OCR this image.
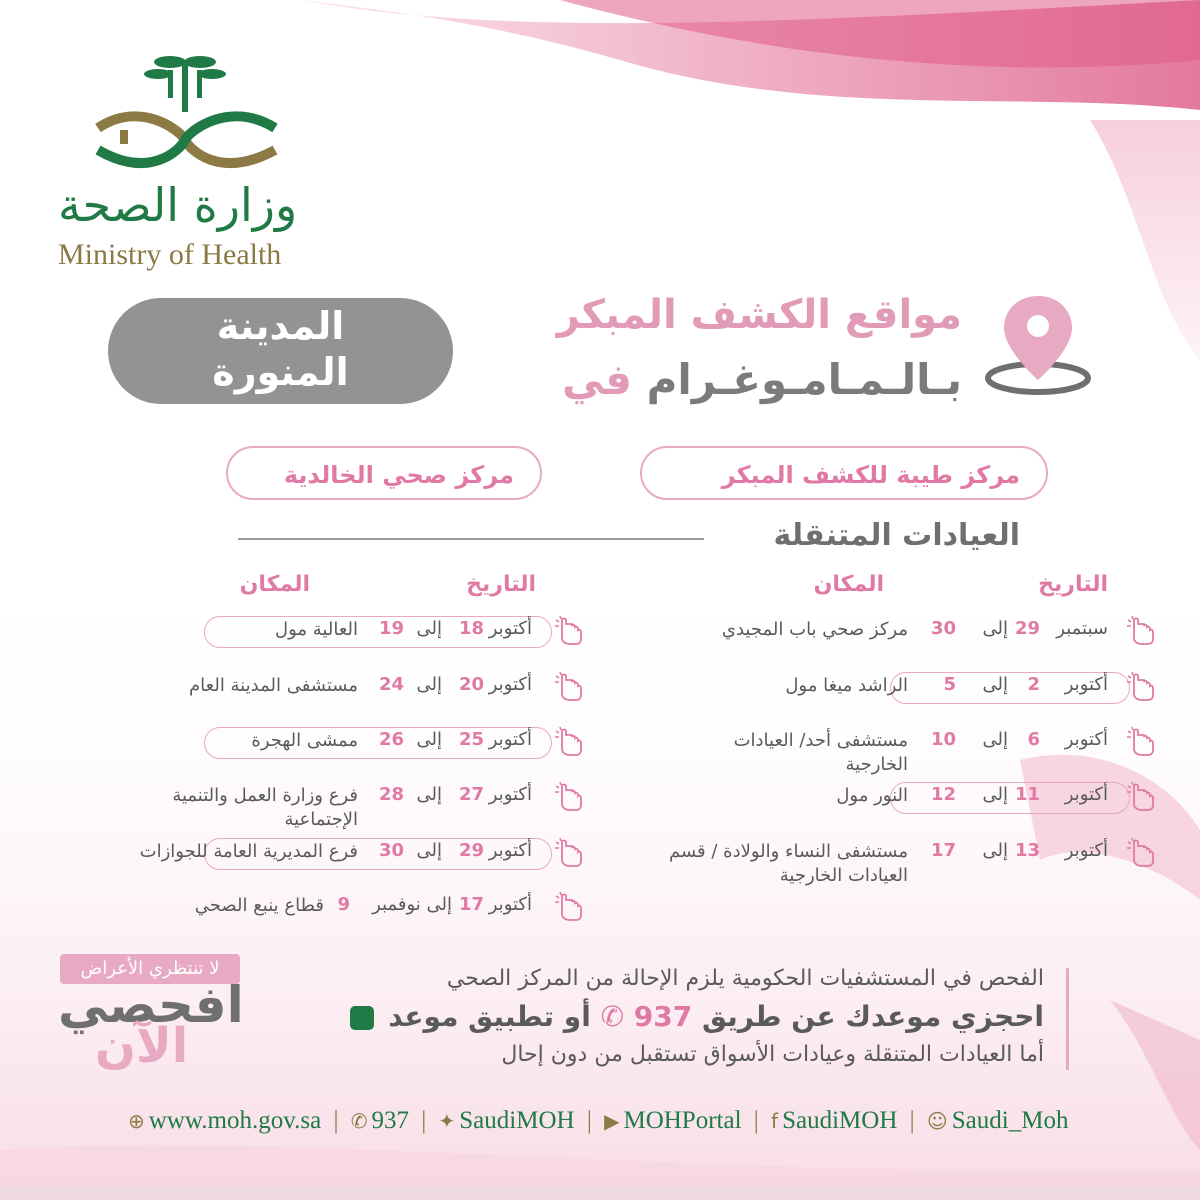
وزارة الصحة
Ministry of Health
المدينة
المنورة
مواقع الكشف المبكر
بـالـمـامـوغـرام في
مركز طيبة للكشف المبكر
مركز صحي الخالدية
العيادات المتنقلة
التاريخ
المكان
التاريخ
المكان
سبتمبر
29
إلى
30
مركز صحي باب المجيدي
أكتوبر
2
إلى
5
الراشد ميغا مول
أكتوبر
6
إلى
10
مستشفى أحد/ العيادات الخارجية
أكتوبر
11
إلى
12
النور مول
أكتوبر
13
إلى
17
مستشفى النساء والولادة / قسم العيادات الخارجية
أكتوبر
18
إلى
19
العالية مول
أكتوبر
20
إلى
24
مستشفى المدينة العام
أكتوبر
25
إلى
26
ممشى الهجرة
أكتوبر
27
إلى
28
فرع وزارة العمل والتنمية الإجتماعية
أكتوبر
29
إلى
30
فرع المديرية العامة للجوازات
أكتوبر
17
إلى نوفمبر
9
قطاع ينبع الصحي
الفحص في المستشفيات الحكومية يلزم الإحالة من المركز الصحي
احجزي موعدك عن طريق 937 ✆ أو تطبيق موعد
أما العيادات المتنقلة وعيادات الأسواق تستقبل من دون إحال
لا تنتظري الأعراض
افحصي
الآن
⊕ www.moh.gov.sa | ✆ 937 | ✦ SaudiMOH | ▶ MOHPortal | f SaudiMOH | ☺ Saudi_Moh
